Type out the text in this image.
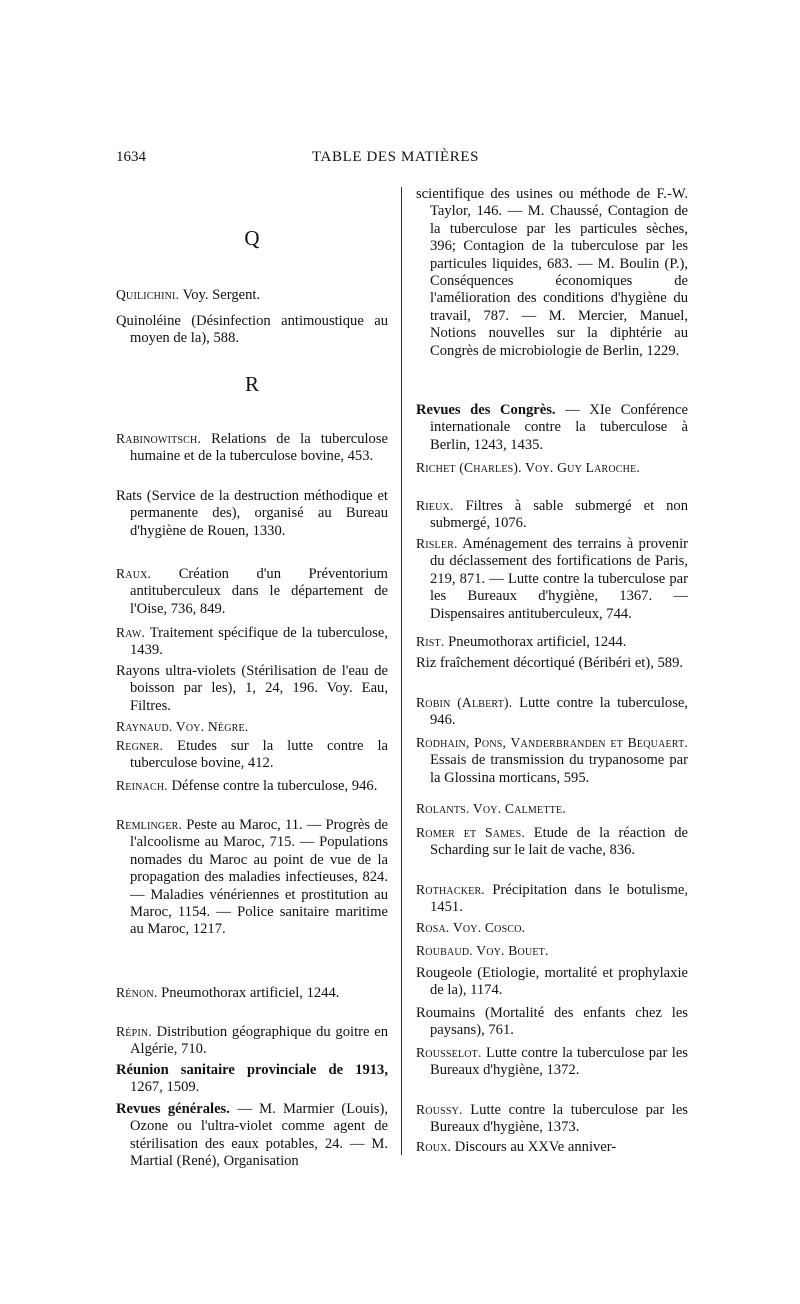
1634	TABLE DES MATIÈRES
Q
Quilichini. Voy. Sergent.
Quinoléine (Désinfection antimoustique au moyen de la), 588.
R
Rabinowitsch. Relations de la tuberculose humaine et de la tuberculose bovine, 453.
Rats (Service de la destruction méthodique et permanente des), organisé au Bureau d'hygiène de Rouen, 1330.
Raux. Création d'un Préventorium antituberculeux dans le département de l'Oise, 736, 849.
Raw. Traitement spécifique de la tuberculose, 1439.
Rayons ultra-violets (Stérilisation de l'eau de boisson par les), 1, 24, 196. Voy. Eau, Filtres.
Raynaud. Voy. Nègre.
Regner. Etudes sur la lutte contre la tuberculose bovine, 412.
Reinach. Défense contre la tuberculose, 946.
Remlinger. Peste au Maroc, 11. — Progrès de l'alcoolisme au Maroc, 715. — Populations nomades du Maroc au point de vue de la propagation des maladies infectieuses, 824. — Maladies vénériennes et prostitution au Maroc, 1154. — Police sanitaire maritime au Maroc, 1217.
Rénon. Pneumothorax artificiel, 1244.
Répin. Distribution géographique du goitre en Algérie, 710.
Réunion sanitaire provinciale de 1913, 1267, 1509.
Revues générales. — M. Marmier (Louis), Ozone ou l'ultra-violet comme agent de stérilisation des eaux potables, 24. — M. Martial (René), Organisation
scientifique des usines ou méthode de F.-W. Taylor, 146. — M. Chaussé, Contagion de la tuberculose par les particules sèches, 396; Contagion de la tuberculose par les particules liquides, 683. — M. Boulin (P.), Conséquences économiques de l'amélioration des conditions d'hygiène du travail, 787. — M. Mercier, Manuel, Notions nouvelles sur la diphtérie au Congrès de microbiologie de Berlin, 1229.
Revues des Congrès. — XIe Conférence internationale contre la tuberculose à Berlin, 1243, 1435.
Richet (Charles). Voy. Guy Laroche.
Rieux. Filtres à sable submergé et non submergé, 1076.
Risler. Aménagement des terrains à provenir du déclassement des fortifications de Paris, 219, 871. — Lutte contre la tuberculose par les Bureaux d'hygiène, 1367. — Dispensaires antituberculeux, 744.
Rist. Pneumothorax artificiel, 1244.
Riz fraîchement décortiqué (Béribéri et), 589.
Robin (Albert). Lutte contre la tuberculose, 946.
Rodhain, Pons, Vanderbranden et Bequaert. Essais de transmission du trypanosome par la Glossina morticans, 595.
Rolants. Voy. Calmette.
Romer et Sames. Etude de la réaction de Scharding sur le lait de vache, 836.
Rothacker. Précipitation dans le botulisme, 1451.
Rosa. Voy. Cosco.
Roubaud. Voy. Bouet.
Rougeole (Etiologie, mortalité et prophylaxie de la), 1174.
Roumains (Mortalité des enfants chez les paysans), 761.
Rousselot. Lutte contre la tuberculose par les Bureaux d'hygiène, 1372.
Roussy. Lutte contre la tuberculose par les Bureaux d'hygiène, 1373.
Roux. Discours au XXVe anniver-
